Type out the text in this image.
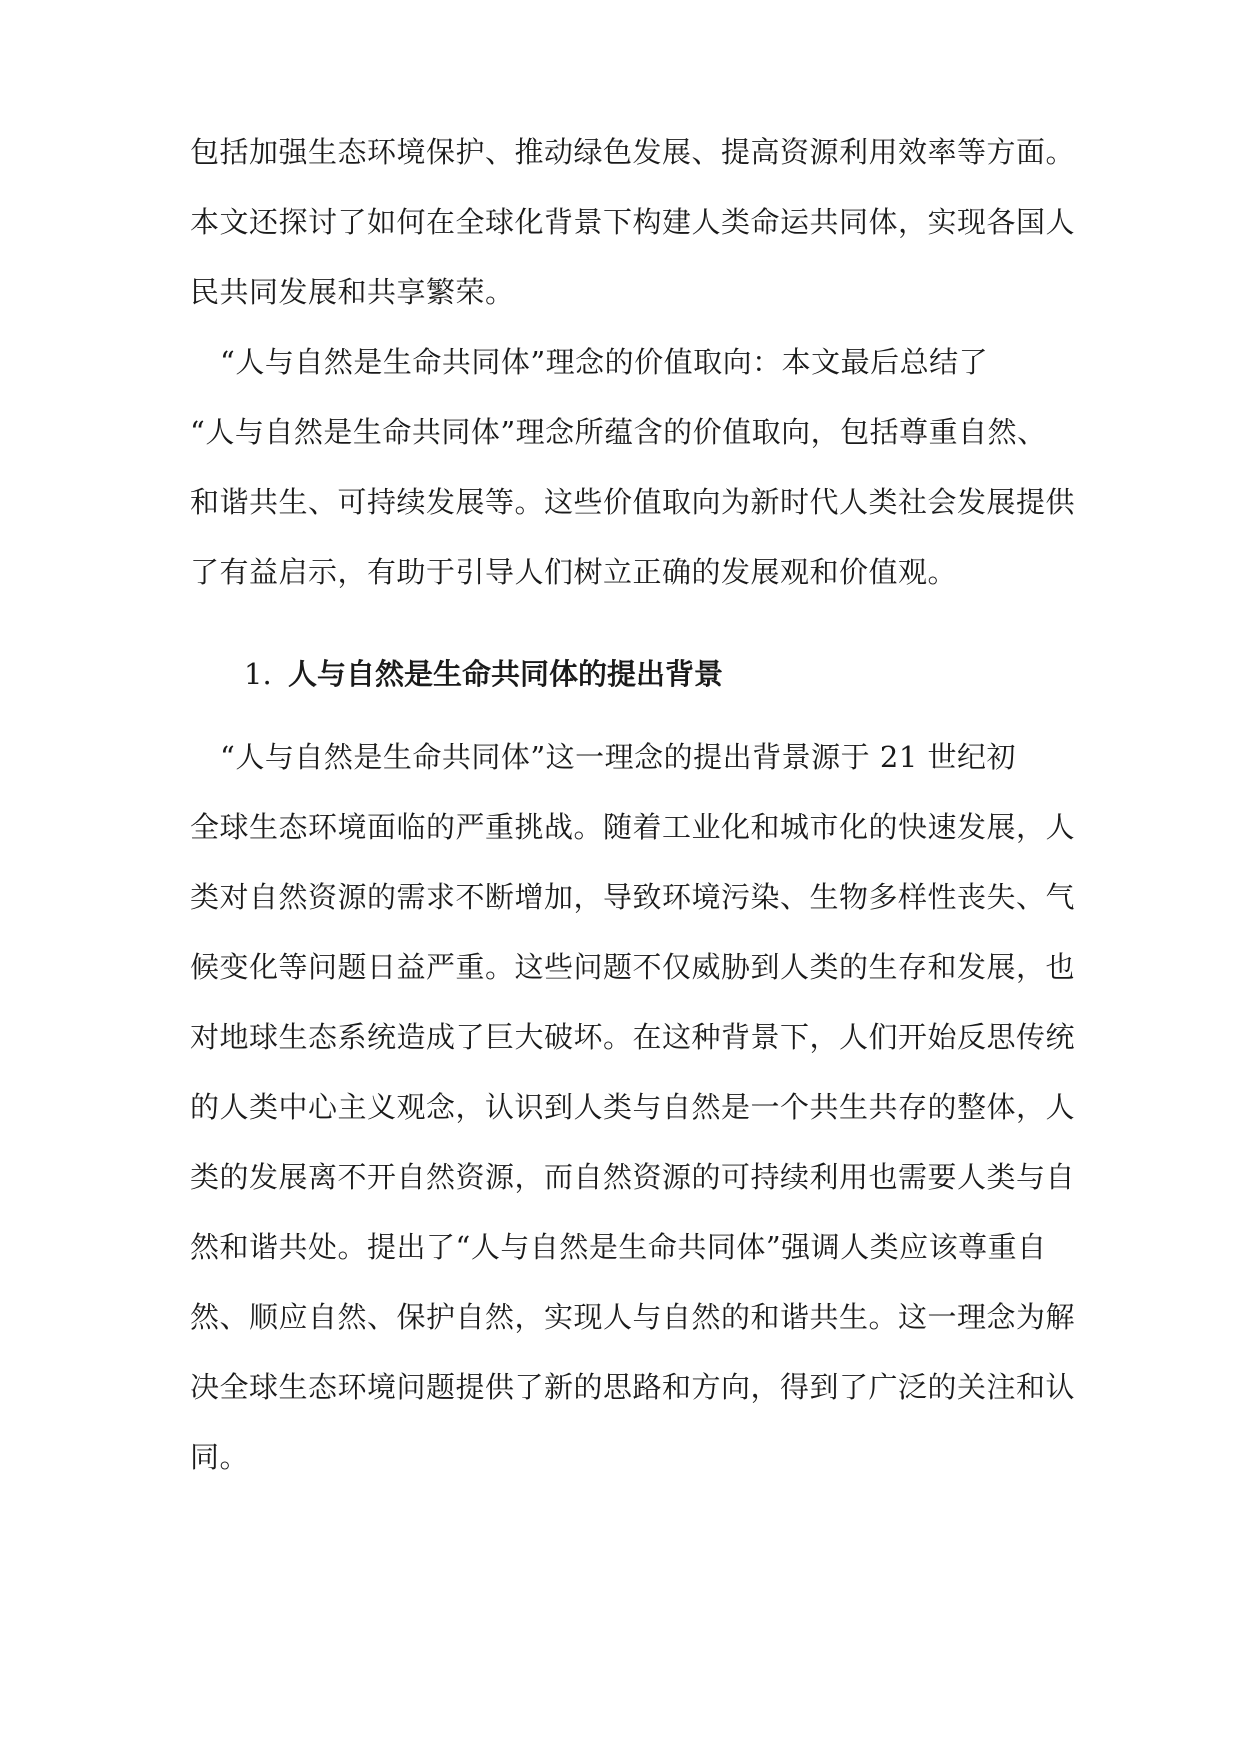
包括加强生态环境保护、推动绿色发展、提高资源利用效率等方面。
本文还探讨了如何在全球化背景下构建人类命运共同体，实现各国人
民共同发展和共享繁荣。
“人与自然是生命共同体”理念的价值取向：本文最后总结了
“人与自然是生命共同体”理念所蕴含的价值取向，包括尊重自然、
和谐共生、可持续发展等。这些价值取向为新时代人类社会发展提供
了有益启示，有助于引导人们树立正确的发展观和价值观。
1. 人与自然是生命共同体的提出背景
“人与自然是生命共同体”这一理念的提出背景源于 21 世纪初
全球生态环境面临的严重挑战。随着工业化和城市化的快速发展，人
类对自然资源的需求不断增加，导致环境污染、生物多样性丧失、气
候变化等问题日益严重。这些问题不仅威胁到人类的生存和发展，也
对地球生态系统造成了巨大破坏。在这种背景下，人们开始反思传统
的人类中心主义观念，认识到人类与自然是一个共生共存的整体，人
类的发展离不开自然资源，而自然资源的可持续利用也需要人类与自
然和谐共处。提出了“人与自然是生命共同体”强调人类应该尊重自
然、顺应自然、保护自然，实现人与自然的和谐共生。这一理念为解
决全球生态环境问题提供了新的思路和方向，得到了广泛的关注和认
同。
